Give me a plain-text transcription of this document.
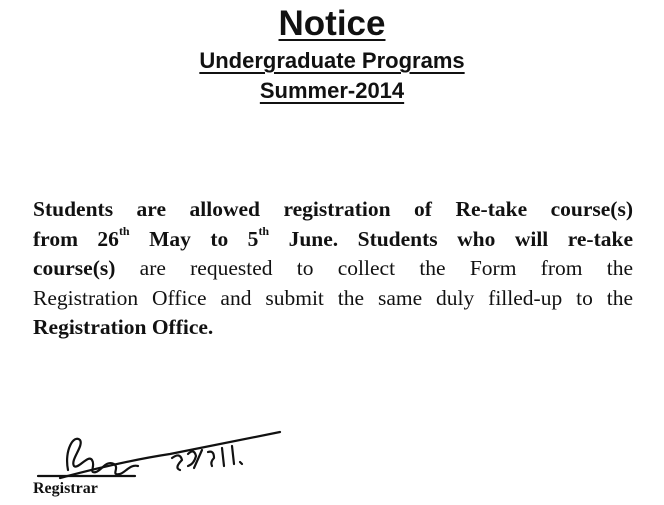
Notice
Undergraduate Programs
Summer-2014
Students are allowed registration of Re-take course(s)
from 26th May to 5th June. Students who will re-take
course(s) are requested to collect the Form from the
Registration Office and submit the same duly filled-up to the
Registration Office.
Registrar
